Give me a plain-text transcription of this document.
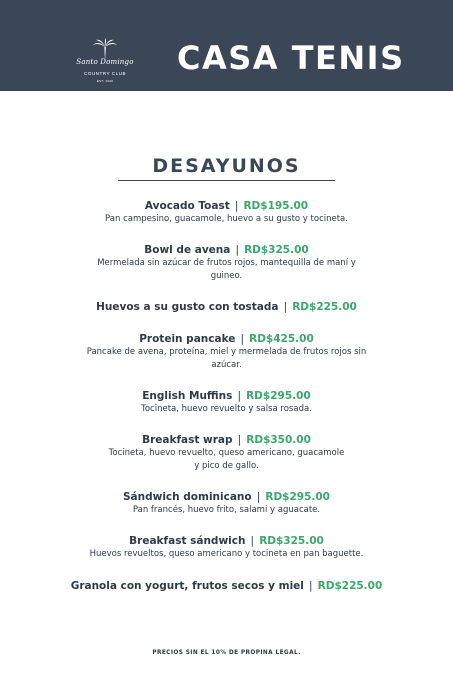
Santo Domingo
COUNTRY CLUB
EST. 1920
CASA TENIS
DESAYUNOS
Avocado Toast | RD$195.00
Pan campesino, guacamole, huevo a su gusto y tocineta.
Bowl de avena | RD$325.00
Mermelada sin azúcar de frutos rojos, mantequilla de maní y guineo.
Huevos a su gusto con tostada | RD$225.00
Protein pancake | RD$425.00
Pancake de avena, proteína, miel y mermelada de frutos rojos sin azúcar.
English Muffins | RD$295.00
Tocineta, huevo revuelto y salsa rosada.
Breakfast wrap | RD$350.00
Tocineta, huevo revuelto, queso americano, guacamole y pico de gallo.
Sándwich dominicano | RD$295.00
Pan francés, huevo frito, salami y aguacate.
Breakfast sándwich | RD$325.00
Huevos revueltos, queso americano y tocineta en pan baguette.
Granola con yogurt, frutos secos y miel | RD$225.00
PRECIOS SIN EL 10% DE PROPINA LEGAL.
